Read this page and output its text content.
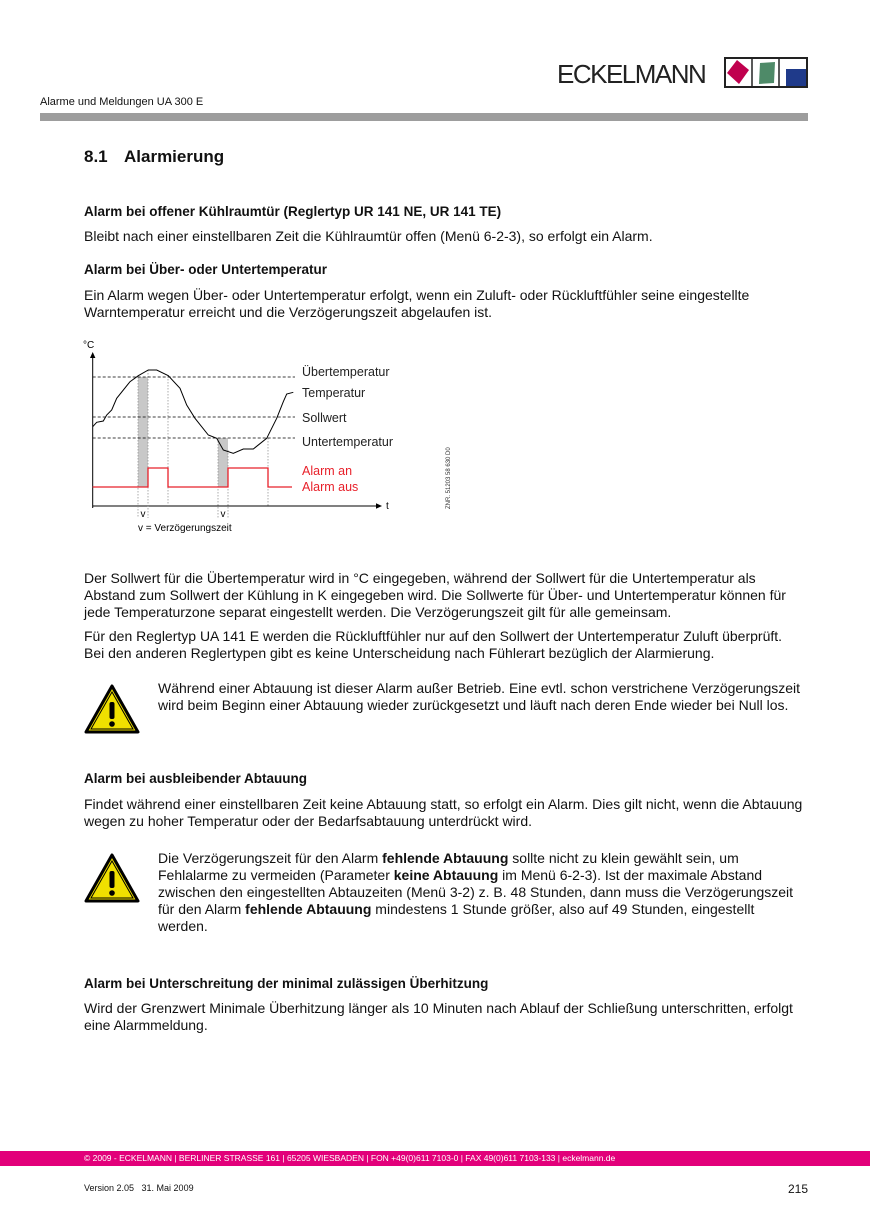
ECKELMANN
Alarme und Meldungen UA 300 E
8.1 Alarmierung
Alarm bei offener Kühlraumtür (Reglertyp UR 141 NE, UR 141 TE)
Bleibt nach einer einstellbaren Zeit die Kühlraumtür offen (Menü 6-2-3), so erfolgt ein Alarm.
Alarm bei Über- oder Untertemperatur
Ein Alarm wegen Über- oder Untertemperatur erfolgt, wenn ein Zuluft- oder Rückluftfühler seine eingestellte Warntemperatur erreicht und die Verzögerungszeit abgelaufen ist.
°C
t
Übertemperatur
Temperatur
Sollwert
Untertemperatur
Alarm an
Alarm aus
v	v
v = Verzögerungszeit
ZNR. 51203 58 630 D0
Der Sollwert für die Übertemperatur wird in °C eingegeben, während der Sollwert für die Untertemperatur als Abstand zum Sollwert der Kühlung in K eingegeben wird. Die Sollwerte für Über- und Untertemperatur können für jede Temperaturzone separat eingestellt werden. Die Verzögerungszeit gilt für alle gemeinsam.
Für den Reglertyp UA 141 E werden die Rückluftfühler nur auf den Sollwert der Untertemperatur Zuluft überprüft. Bei den anderen Reglertypen gibt es keine Unterscheidung nach Fühlerart bezüglich der Alarmierung.
Während einer Abtauung ist dieser Alarm außer Betrieb. Eine evtl. schon verstrichene Verzögerungszeit wird beim Beginn einer Abtauung wieder zurückgesetzt und läuft nach deren Ende wieder bei Null los.
Alarm bei ausbleibender Abtauung
Findet während einer einstellbaren Zeit keine Abtauung statt, so erfolgt ein Alarm. Dies gilt nicht, wenn die Abtauung wegen zu hoher Temperatur oder der Bedarfsabtauung unterdrückt wird.
Die Verzögerungszeit für den Alarm fehlende Abtauung sollte nicht zu klein gewählt sein, um Fehlalarme zu vermeiden (Parameter keine Abtauung im Menü 6-2-3). Ist der maximale Abstand zwischen den eingestellten Abtauzeiten (Menü 3-2) z. B. 48 Stunden, dann muss die Verzögerungszeit für den Alarm fehlende Abtauung mindestens 1 Stunde größer, also auf 49 Stunden, eingestellt werden.
Alarm bei Unterschreitung der minimal zulässigen Überhitzung
Wird der Grenzwert Minimale Überhitzung länger als 10 Minuten nach Ablauf der Schließung unterschritten, erfolgt eine Alarmmeldung.
© 2009 - ECKELMANN | BERLINER STRASSE 161 | 65205 WIESBADEN | FON +49(0)611 7103-0 | FAX 49(0)611 7103-133 | eckelmann.de
Version 2.05   31. Mai 2009	215
